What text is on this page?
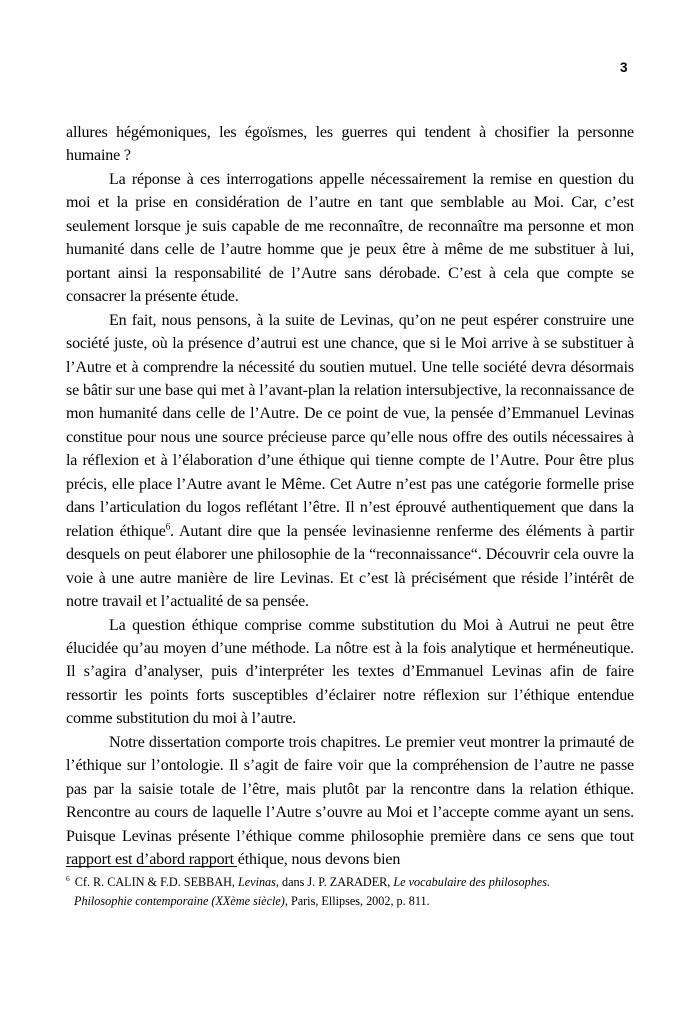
3

allures hégémoniques, les égoïsmes, les guerres qui tendent à chosifier la personne humaine ?

La réponse à ces interrogations appelle nécessairement la remise en question du moi et la prise en considération de l’autre en tant que semblable au Moi. Car, c’est seulement lorsque je suis capable de me reconnaître, de reconnaître ma personne et mon humanité dans celle de l’autre homme que je peux être à même de me substituer à lui, portant ainsi la responsabilité de l’Autre sans dérobade. C’est à cela que compte se consacrer la présente étude.

En fait, nous pensons, à la suite de Levinas, qu’on ne peut espérer construire une société juste, où la présence d’autrui est une chance, que si le Moi arrive à se substituer à l’Autre et à comprendre la nécessité du soutien mutuel. Une telle société devra désormais se bâtir sur une base qui met à l’avant-plan la relation intersubjective, la reconnaissance de mon humanité dans celle de l’Autre. De ce point de vue, la pensée d’Emmanuel Levinas constitue pour nous une source précieuse parce qu’elle nous offre des outils nécessaires à la réflexion et à l’élaboration d’une éthique qui tienne compte de l’Autre. Pour être plus précis, elle place l’Autre avant le Même. Cet Autre n’est pas une catégorie formelle prise dans l’articulation du logos reflétant l’être. Il n’est éprouvé authentiquement que dans la relation éthique$^6$. Autant dire que la pensée levinasienne renferme des éléments à partir desquels on peut élaborer une philosophie de la “reconnaissance“. Découvrir cela ouvre la voie à une autre manière de lire Levinas. Et c’est là précisément que réside l’intérêt de notre travail et l’actualité de sa pensée.

La question éthique comprise comme substitution du Moi à Autrui ne peut être élucidée qu’au moyen d’une méthode. La nôtre est à la fois analytique et herméneutique. Il s’agira d’analyser, puis d’interpréter les textes d’Emmanuel Levinas afin de faire ressortir les points forts susceptibles d’éclairer notre réflexion sur l’éthique entendue comme substitution du moi à l’autre.

Notre dissertation comporte trois chapitres. Le premier veut montrer la primauté de l’éthique sur l’ontologie. Il s’agit de faire voir que la compréhension de l’autre ne passe pas par la saisie totale de l’être, mais plutôt par la rencontre dans la relation éthique. Rencontre au cours de laquelle l’Autre s’ouvre au Moi et l’accepte comme ayant un sens. Puisque Levinas présente l’éthique comme philosophie première dans ce sens que tout rapport est d’abord rapport éthique, nous devons bien

$^6$ Cf. R. CALIN & F.D. SEBBAH, Levinas, dans J. P. ZARADER, Le vocabulaire des philosophes.
Philosophie contemporaine (XXème siècle), Paris, Ellipses, 2002, p. 811.
